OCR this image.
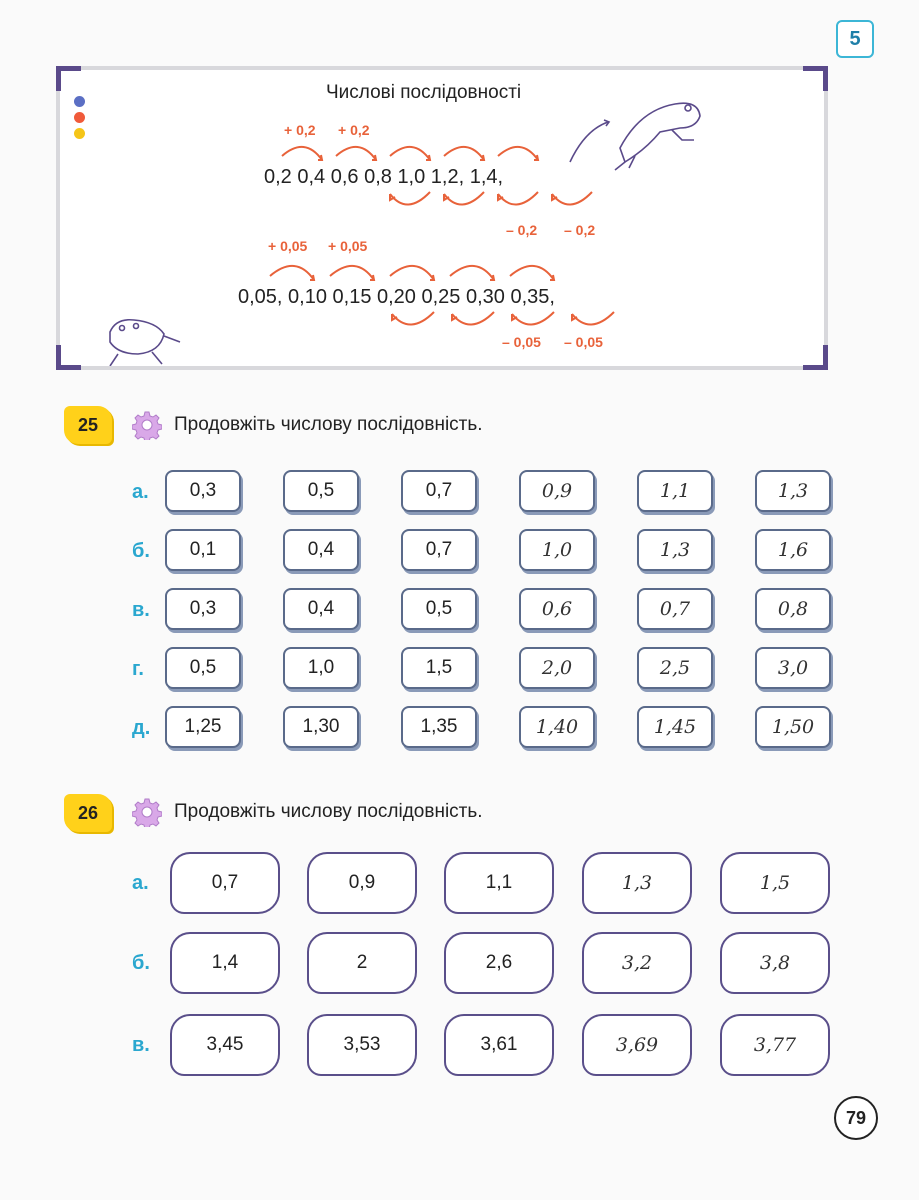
5
Числові послідовності
+ 0,2 + 0,2
0,2 0,4 0,6 0,8 1,0 1,2, 1,4,
– 0,2 – 0,2
+ 0,05 + 0,05
0,05, 0,10 0,15 0,20 0,25 0,30 0,35,
– 0,05 – 0,05
25	Продовжіть числову послідовність.
а.	0,3	0,5	0,7	0,9	1,1	1,3
б.	0,1	0,4	0,7	1,0	1,3	1,6
в.	0,3	0,4	0,5	0,6	0,7	0,8
г.	0,5	1,0	1,5	2,0	2,5	3,0
д.	1,25	1,30	1,35	1,40	1,45	1,50
26	Продовжіть числову послідовність.
а.	0,7	0,9	1,1	1,3	1,5
б.	1,4	2	2,6	3,2	3,8
в.	3,45	3,53	3,61	3,69	3,77
79
